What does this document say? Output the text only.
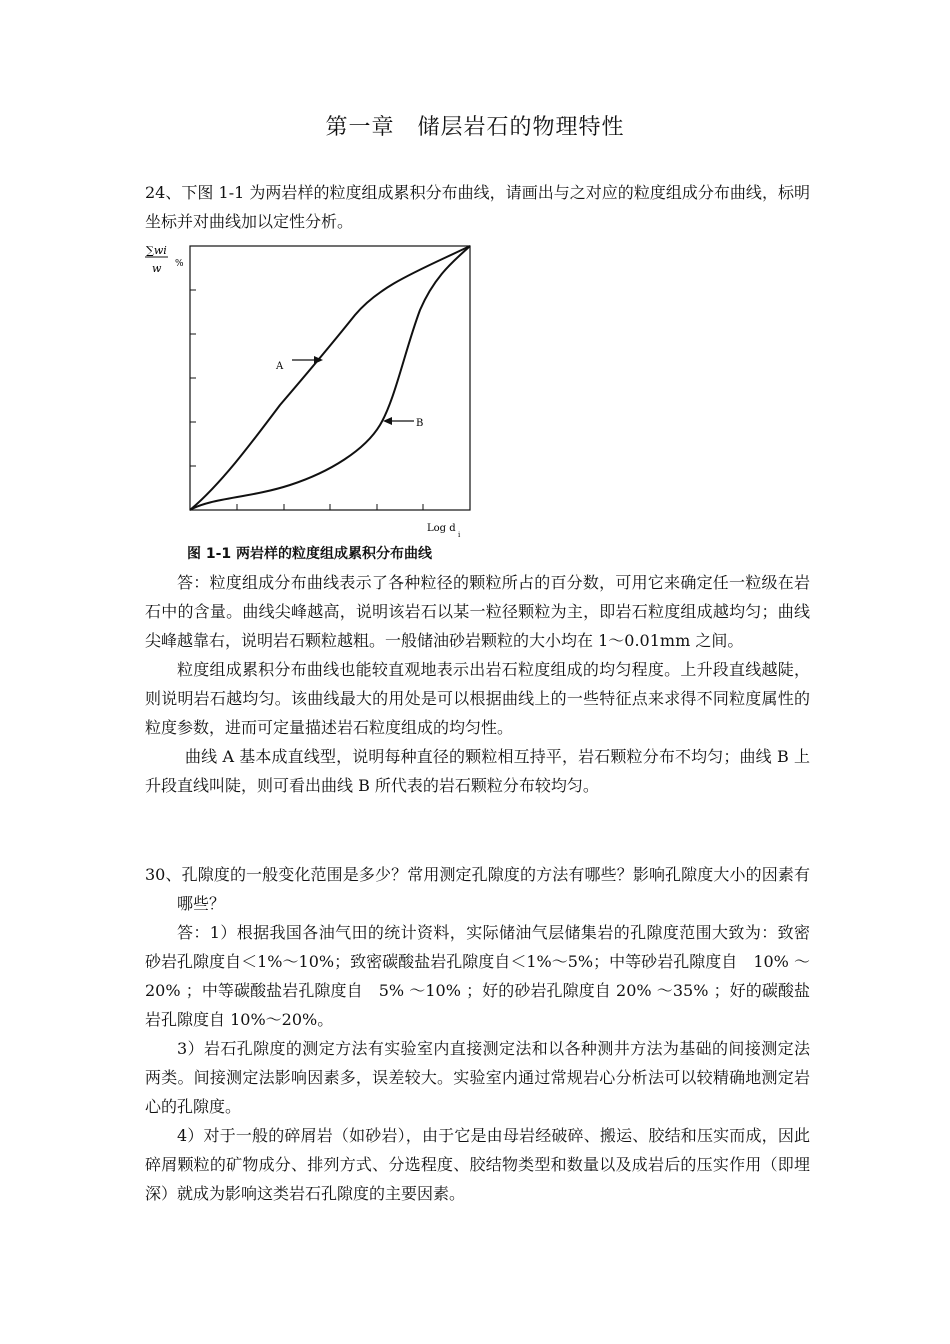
第一章　储层岩石的物理特性

24、下图 1-1 为两岩样的粒度组成累积分布曲线，请画出与之对应的粒度组成分布曲线，标明坐标并对曲线加以定性分析。

∑wi
w %
A
B
Log d
i
图 1-1 两岩样的粒度组成累积分布曲线

答：粒度组成分布曲线表示了各种粒径的颗粒所占的百分数，可用它来确定任一粒级在岩石中的含量。曲线尖峰越高，说明该岩石以某一粒径颗粒为主，即岩石粒度组成越均匀；曲线尖峰越靠右，说明岩石颗粒越粗。一般储油砂岩颗粒的大小均在 1～0.01mm 之间。

粒度组成累积分布曲线也能较直观地表示出岩石粒度组成的均匀程度。上升段直线越陡，则说明岩石越均匀。该曲线最大的用处是可以根据曲线上的一些特征点来求得不同粒度属性的粒度参数，进而可定量描述岩石粒度组成的均匀性。

曲线 A 基本成直线型，说明每种直径的颗粒相互持平，岩石颗粒分布不均匀；曲线 B 上升段直线叫陡，则可看出曲线 B 所代表的岩石颗粒分布较均匀。

30、孔隙度的一般变化范围是多少？常用测定孔隙度的方法有哪些？影响孔隙度大小的因素有哪些？

答：1）根据我国各油气田的统计资料，实际储油气层储集岩的孔隙度范围大致为：致密砂岩孔隙度自＜1%～10%；致密碳酸盐岩孔隙度自＜1%～5%；中等砂岩孔隙度自　10% ～20% ；中等碳酸盐岩孔隙度自　5% ～10% ；好的砂岩孔隙度自 20% ～35% ；好的碳酸盐岩孔隙度自 10%～20%。

3）岩石孔隙度的测定方法有实验室内直接测定法和以各种测井方法为基础的间接测定法两类。间接测定法影响因素多，误差较大。实验室内通过常规岩心分析法可以较精确地测定岩心的孔隙度。

4）对于一般的碎屑岩（如砂岩），由于它是由母岩经破碎、搬运、胶结和压实而成，因此碎屑颗粒的矿物成分、排列方式、分选程度、胶结物类型和数量以及成岩后的压实作用（即埋深）就成为影响这类岩石孔隙度的主要因素。
